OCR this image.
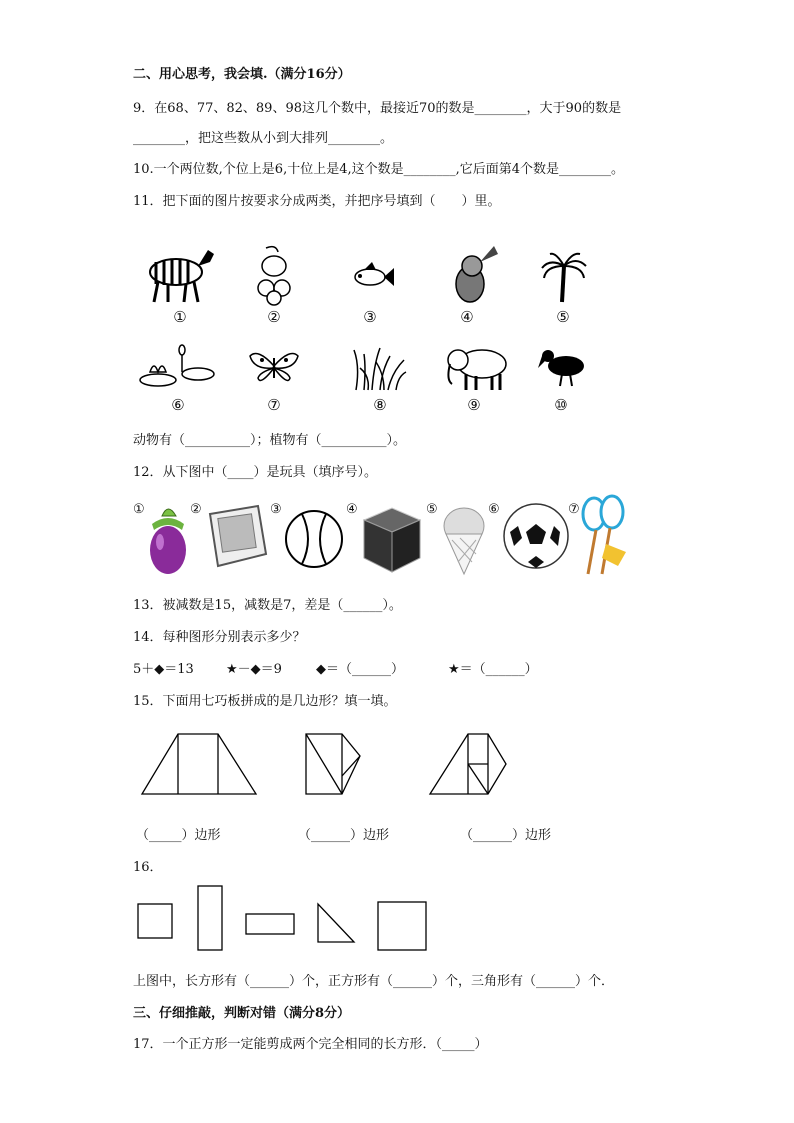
二、用心思考，我会填.（满分16分）
9．在68、77、82、89、98这几个数中，最接近70的数是________，大于90的数是
________，把这些数从小到大排列________。
10.一个两位数,个位上是6,十位上是4,这个数是________,它后面第4个数是________。
11．把下面的图片按要求分成两类，并把序号填到（　　）里。
①	②	③	④	⑤
⑥	⑦	⑧	⑨	⑩
动物有（__________）；植物有（__________）。
12．从下图中（____）是玩具（填序号）。
①	②	③	④	⑤	⑥	⑦
13．被减数是15，减数是7，差是（______）。
14．每种图形分别表示多少？
5＋◆＝13 ★－◆＝9	◆＝（______）	★＝（______）
15．下面用七巧板拼成的是几边形？填一填。
（_____）边形	（______）边形	（______）边形
16．
上图中，长方形有（______）个，正方形有（______）个，三角形有（______）个．
三、仔细推敲，判断对错（满分8分）
17．一个正方形一定能剪成两个完全相同的长方形．（_____）
